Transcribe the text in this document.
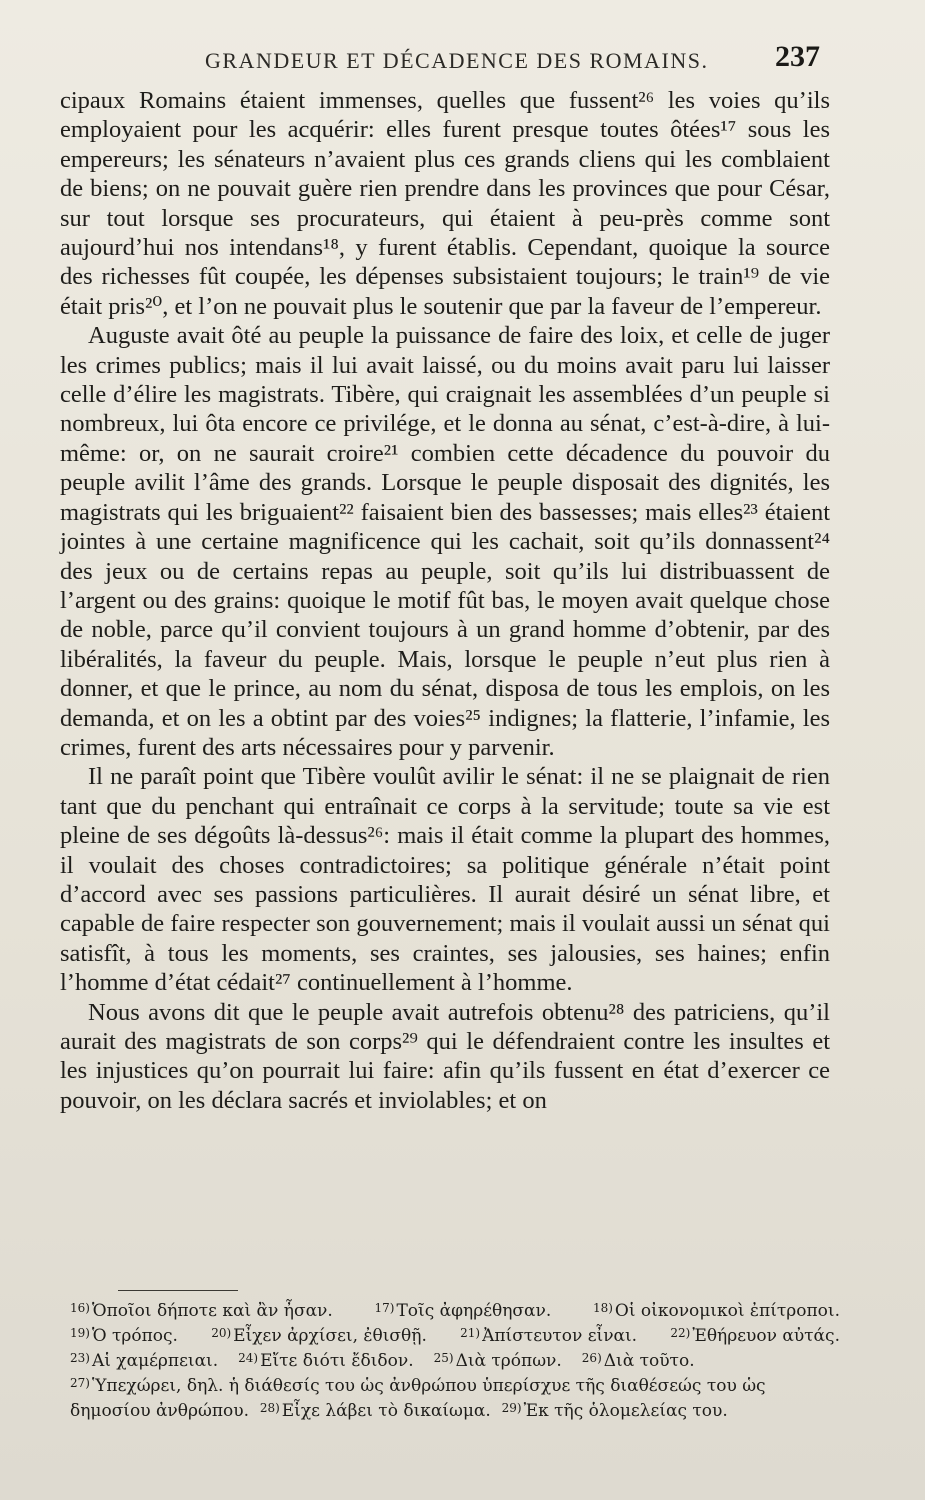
GRANDEUR ET DÉCADENCE DES ROMAINS. 237

cipaux Romains étaient immenses, quelles que fussent²⁶ les voies qu’ils employaient pour les acquérir: elles furent presque toutes ôtées¹⁷ sous les empereurs; les sénateurs n’avaient plus ces grands cliens qui les comblaient de biens; on ne pouvait guère rien prendre dans les provinces que pour César, sur tout lorsque ses procurateurs, qui étaient à peu-près comme sont aujourd’hui nos intendans¹⁸, y furent établis. Cependant, quoique la source des richesses fût coupée, les dépenses subsistaient toujours; le train¹⁹ de vie était pris²⁰, et l’on ne pouvait plus le soutenir que par la faveur de l’empereur.

Auguste avait ôté au peuple la puissance de faire des loix, et celle de juger les crimes publics; mais il lui avait laissé, ou du moins avait paru lui laisser celle d’élire les magistrats. Tibère, qui craignait les assemblées d’un peuple si nombreux, lui ôta encore ce privilége, et le donna au sénat, c’est-à-dire, à lui-même: or, on ne saurait croire²¹ combien cette décadence du pouvoir du peuple avilit l’âme des grands. Lorsque le peuple disposait des dignités, les magistrats qui les briguaient²² faisaient bien des bassesses; mais elles²³ étaient jointes à une certaine magnificence qui les cachait, soit qu’ils donnassent²⁴ des jeux ou de certains repas au peuple, soit qu’ils lui distribuassent de l’argent ou des grains: quoique le motif fût bas, le moyen avait quelque chose de noble, parce qu’il convient toujours à un grand homme d’obtenir, par des libéralités, la faveur du peuple. Mais, lorsque le peuple n’eut plus rien à donner, et que le prince, au nom du sénat, disposa de tous les emplois, on les demanda, et on les a obtint par des voies²⁵ indignes; la flatterie, l’infamie, les crimes, furent des arts nécessaires pour y parvenir.

Il ne paraît point que Tibère voulût avilir le sénat: il ne se plaignait de rien tant que du penchant qui entraînait ce corps à la servitude; toute sa vie est pleine de ses dégoûts là-dessus²⁶: mais il était comme la plupart des hommes, il voulait des choses contradictoires; sa politique générale n’était point d’accord avec ses passions particulières. Il aurait désiré un sénat libre, et capable de faire respecter son gouvernement; mais il voulait aussi un sénat qui satisfît, à tous les moments, ses craintes, ses jalousies, ses haines; enfin l’homme d’état cédait²⁷ continuellement à l’homme.

Nous avons dit que le peuple avait autrefois obtenu²⁸ des patriciens, qu’il aurait des magistrats de son corps²⁹ qui le défendraient contre les insultes et les injustices qu’on pourrait lui faire: afin qu’ils fussent en état d’exercer ce pouvoir, on les déclara sacrés et inviolables; et on

$^{16)}$ Ὁποῖοι δήποτε καὶ ἂν ἦσαν.	$^{17)}$ Τοῖς ἀφηρέθησαν.	$^{18)}$ Οἱ οἰκονομικοὶ ἐπίτροποι.
$^{19)}$ Ὁ τρόπος.	$^{20)}$ Εἶχεν ἀρχίσει, ἐθισθῇ.	$^{21)}$ Ἀπίστευτον εἶναι.	$^{22)}$ Ἐθήρευον αὐτάς.
$^{23)}$ Αἱ χαμέρπειαι. $^{24)}$ Εἴτε διότι ἔδιδον. $^{25)}$ Διὰ τρόπων. $^{26)}$ Διὰ τοῦτο.
$^{27)}$ Ὑπεχώρει, δηλ. ἡ διάθεσίς του ὡς ἀνθρώπου ὑπερίσχυε τῆς διαθέσεώς του ὡς δημοσίου ἀνθρώπου. $^{28)}$ Εἶχε λάβει τὸ δικαίωμα. $^{29)}$ Ἐκ τῆς ὁλομελείας του.
